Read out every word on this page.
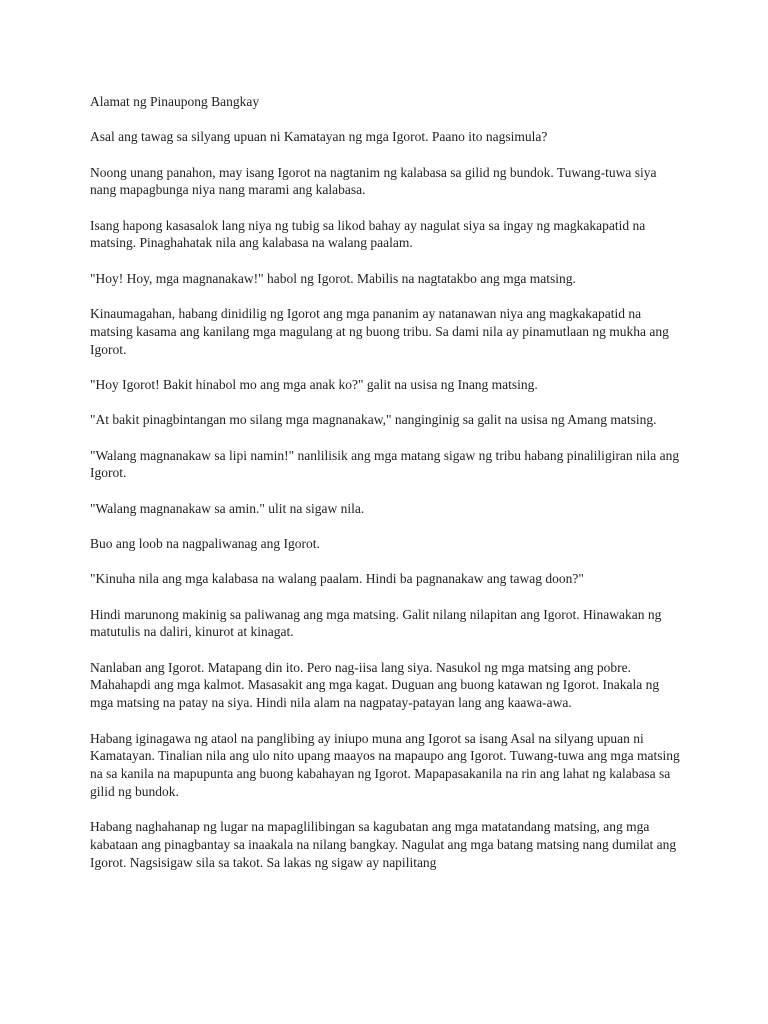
Alamat ng Pinaupong Bangkay

Asal ang tawag sa silyang upuan ni Kamatayan ng mga Igorot. Paano ito nagsimula?

Noong unang panahon, may isang Igorot na nagtanim ng kalabasa sa gilid ng bundok. Tuwang-tuwa siya nang mapagbunga niya nang marami ang kalabasa.

Isang hapong kasasalok lang niya ng tubig sa likod bahay ay nagulat siya sa ingay ng magkakapatid na matsing. Pinaghahatak nila ang kalabasa na walang paalam.

"Hoy! Hoy, mga magnanakaw!" habol ng Igorot. Mabilis na nagtatakbo ang mga matsing.

Kinaumagahan, habang dinidilig ng Igorot ang mga pananim ay natanawan niya ang magkakapatid na matsing kasama ang kanilang mga magulang at ng buong tribu. Sa dami nila ay pinamutlaan ng mukha ang Igorot.

"Hoy Igorot! Bakit hinabol mo ang mga anak ko?" galit na usisa ng Inang matsing.

"At bakit pinagbintangan mo silang mga magnanakaw," nanginginig sa galit na usisa ng Amang matsing.

"Walang magnanakaw sa lipi namin!" nanlilisik ang mga matang sigaw ng tribu habang pinaliligiran nila ang Igorot.

"Walang magnanakaw sa amin." ulit na sigaw nila.

Buo ang loob na nagpaliwanag ang Igorot.

"Kinuha nila ang mga kalabasa na walang paalam. Hindi ba pagnanakaw ang tawag doon?"

Hindi marunong makinig sa paliwanag ang mga matsing. Galit nilang nilapitan ang Igorot. Hinawakan ng matutulis na daliri, kinurot at kinagat.

Nanlaban ang Igorot. Matapang din ito. Pero nag-iisa lang siya. Nasukol ng mga matsing ang pobre. Mahahapdi ang mga kalmot. Masasakit ang mga kagat. Duguan ang buong katawan ng Igorot. Inakala ng mga matsing na patay na siya. Hindi nila alam na nagpatay-patayan lang ang kaawa-awa.

Habang iginagawa ng ataol na panglibing ay iniupo muna ang Igorot sa isang Asal na silyang upuan ni Kamatayan. Tinalian nila ang ulo nito upang maayos na mapaupo ang Igorot. Tuwang-tuwa ang mga matsing na sa kanila na mapupunta ang buong kabahayan ng Igorot. Mapapasakanila na rin ang lahat ng kalabasa sa gilid ng bundok.

Habang naghahanap ng lugar na mapaglilibingan sa kagubatan ang mga matatandang matsing, ang mga kabataan ang pinagbantay sa inaakala na nilang bangkay. Nagulat ang mga batang matsing nang dumilat ang Igorot. Nagsisigaw sila sa takot. Sa lakas ng sigaw ay napilitang
